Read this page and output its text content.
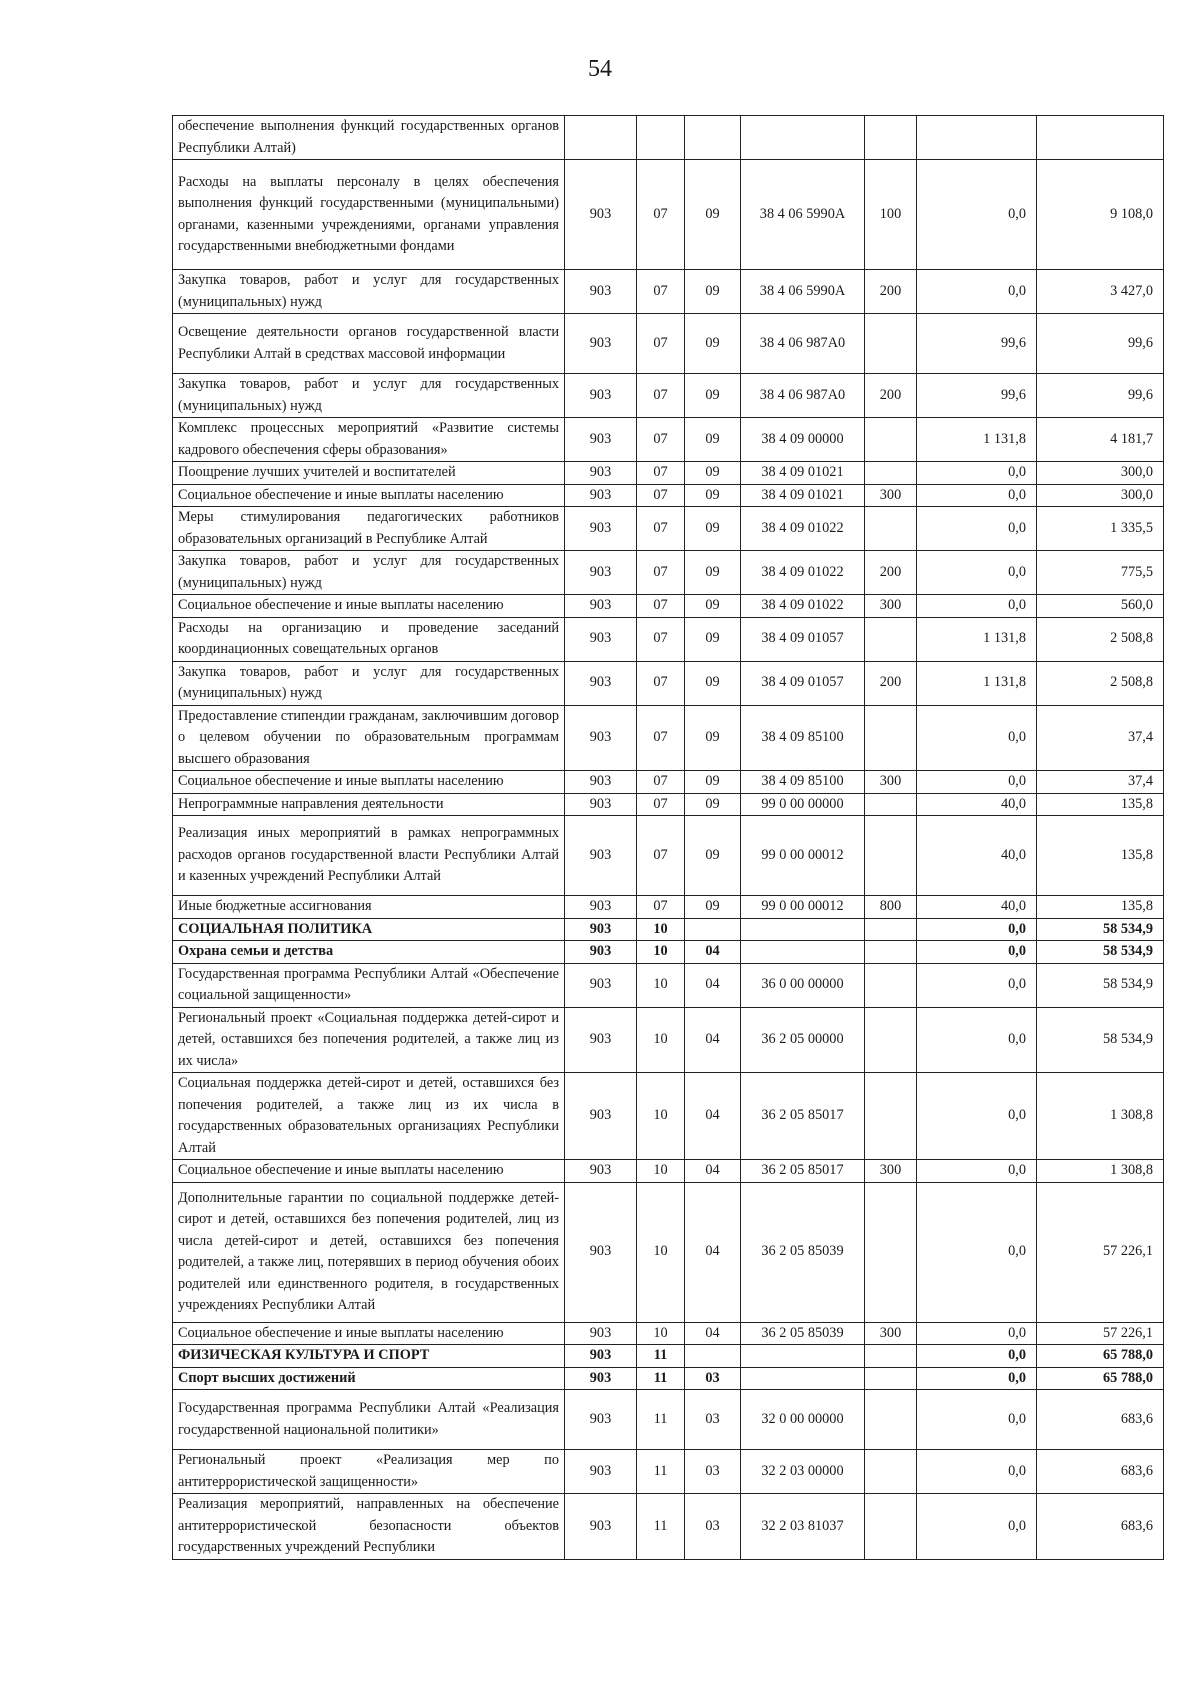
54
обеспечение выполнения функций государственных органов Республики Алтай)							
Расходы на выплаты персоналу в целях обеспечения выполнения функций государственными (муниципальными) органами, казенными учреждениями, органами управления государственными внебюджетными фондами	903	07	09	38 4 06 5990A	100	0,0	9 108,0
Закупка товаров, работ и услуг для государственных (муниципальных) нужд	903	07	09	38 4 06 5990A	200	0,0	3 427,0
Освещение деятельности органов государственной власти Республики Алтай в средствах массовой информации	903	07	09	38 4 06 987A0		99,6	99,6
Закупка товаров, работ и услуг для государственных (муниципальных) нужд	903	07	09	38 4 06 987A0	200	99,6	99,6
Комплекс процессных мероприятий «Развитие системы кадрового обеспечения сферы образования»	903	07	09	38 4 09 00000		1 131,8	4 181,7
Поощрение лучших учителей и воспитателей	903	07	09	38 4 09 01021		0,0	300,0
Социальное обеспечение и иные выплаты населению	903	07	09	38 4 09 01021	300	0,0	300,0
Меры стимулирования педагогических работников образовательных организаций в Республике Алтай	903	07	09	38 4 09 01022		0,0	1 335,5
Закупка товаров, работ и услуг для государственных (муниципальных) нужд	903	07	09	38 4 09 01022	200	0,0	775,5
Социальное обеспечение и иные выплаты населению	903	07	09	38 4 09 01022	300	0,0	560,0
Расходы на организацию и проведение заседаний координационных совещательных органов	903	07	09	38 4 09 01057		1 131,8	2 508,8
Закупка товаров, работ и услуг для государственных (муниципальных) нужд	903	07	09	38 4 09 01057	200	1 131,8	2 508,8
Предоставление стипендии гражданам, заключившим договор о целевом обучении по образовательным программам высшего образования	903	07	09	38 4 09 85100		0,0	37,4
Социальное обеспечение и иные выплаты населению	903	07	09	38 4 09 85100	300	0,0	37,4
Непрограммные направления деятельности	903	07	09	99 0 00 00000		40,0	135,8
Реализация иных мероприятий в рамках непрограммных расходов органов государственной власти Республики Алтай и казенных учреждений Республики Алтай	903	07	09	99 0 00 00012		40,0	135,8
Иные бюджетные ассигнования	903	07	09	99 0 00 00012	800	40,0	135,8
СОЦИАЛЬНАЯ ПОЛИТИКА	903	10				0,0	58 534,9
Охрана семьи и детства	903	10	04			0,0	58 534,9
Государственная программа Республики Алтай «Обеспечение социальной защищенности»	903	10	04	36 0 00 00000		0,0	58 534,9
Региональный проект «Социальная поддержка детей-сирот и детей, оставшихся без попечения родителей, а также лиц из их числа»	903	10	04	36 2 05 00000		0,0	58 534,9
Социальная поддержка детей-сирот и детей, оставшихся без попечения родителей, а также лиц из их числа в государственных образовательных организациях Республики Алтай	903	10	04	36 2 05 85017		0,0	1 308,8
Социальное обеспечение и иные выплаты населению	903	10	04	36 2 05 85017	300	0,0	1 308,8
Дополнительные гарантии по социальной поддержке детей-сирот и детей, оставшихся без попечения родителей, лиц из числа детей-сирот и детей, оставшихся без попечения родителей, а также лиц, потерявших в период обучения обоих родителей или единственного родителя, в государственных учреждениях Республики Алтай	903	10	04	36 2 05 85039		0,0	57 226,1
Социальное обеспечение и иные выплаты населению	903	10	04	36 2 05 85039	300	0,0	57 226,1
ФИЗИЧЕСКАЯ КУЛЬТУРА И СПОРТ	903	11				0,0	65 788,0
Спорт высших достижений	903	11	03			0,0	65 788,0
Государственная программа Республики Алтай «Реализация государственной национальной политики»	903	11	03	32 0 00 00000		0,0	683,6
Региональный проект «Реализация мер по антитеррористической защищенности»	903	11	03	32 2 03 00000		0,0	683,6
Реализация мероприятий, направленных на обеспечение антитеррористической безопасности объектов государственных учреждений Республики	903	11	03	32 2 03 81037		0,0	683,6
